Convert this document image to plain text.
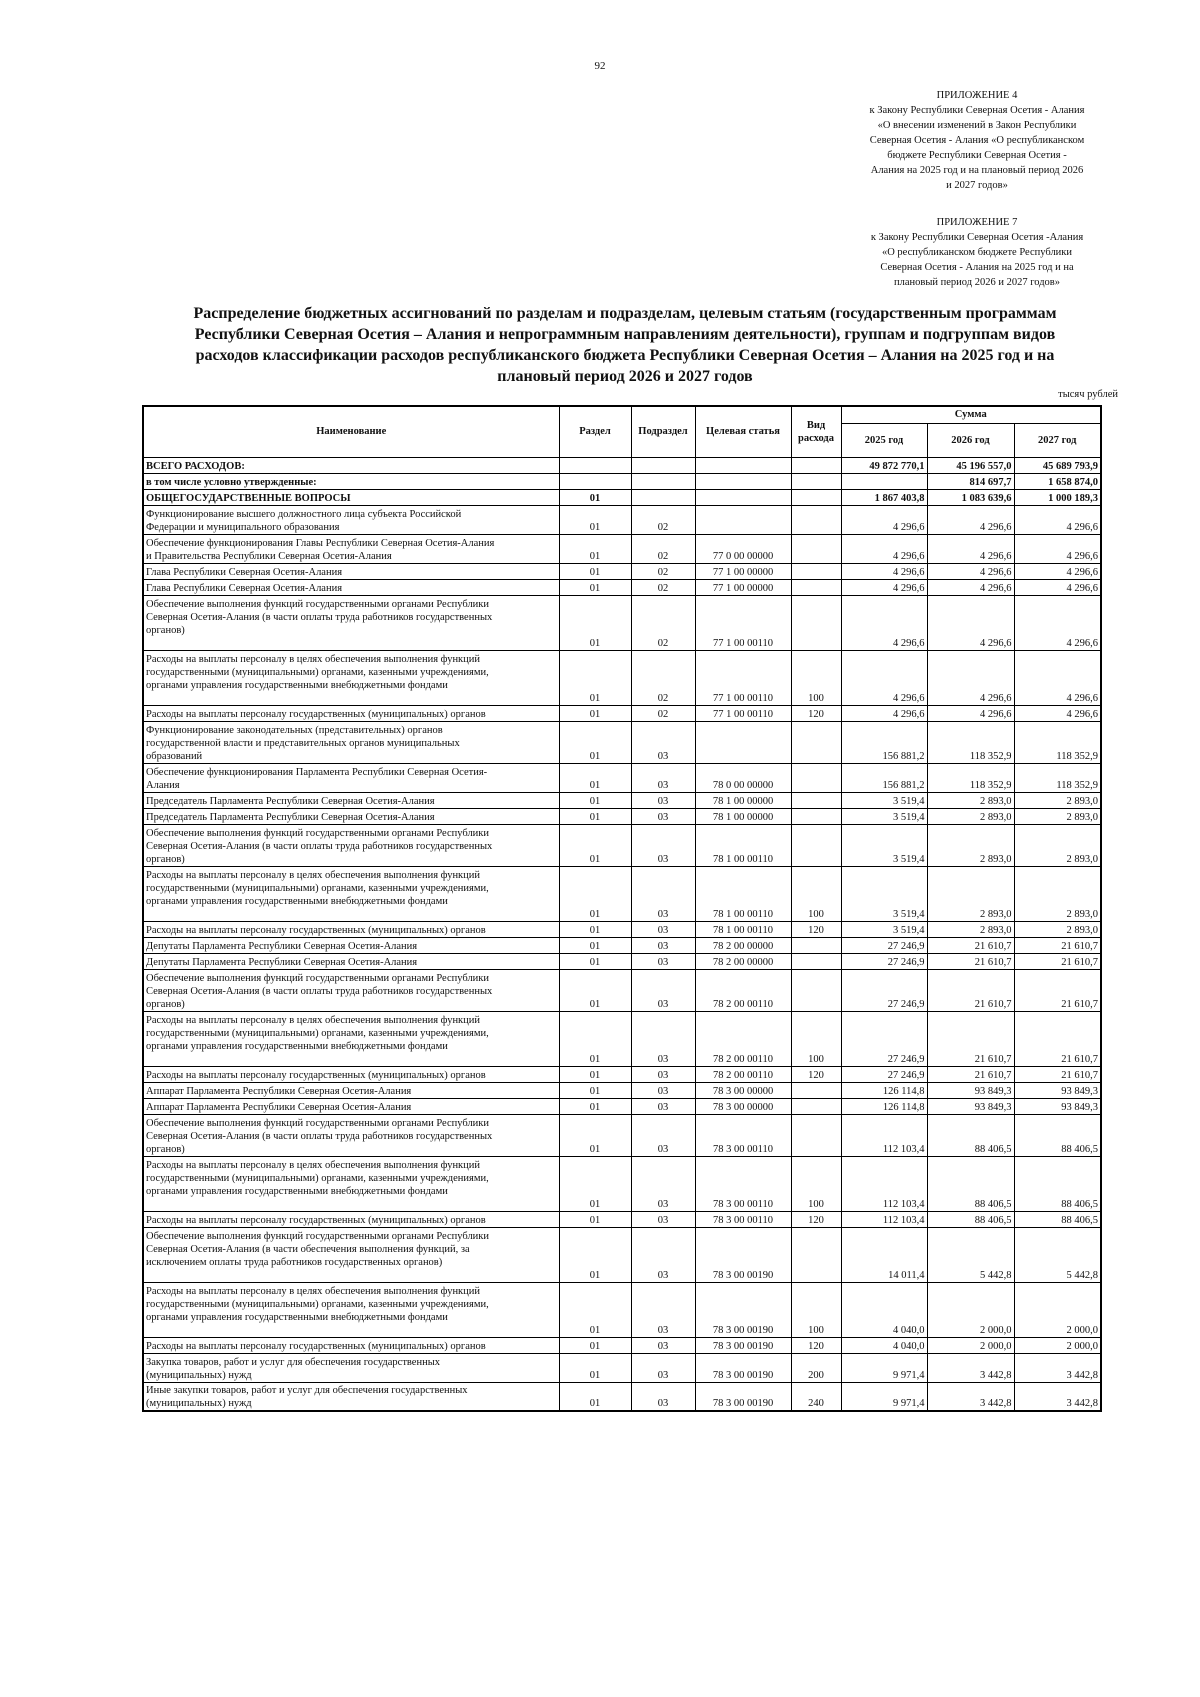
92
ПРИЛОЖЕНИЕ 4
к Закону Республики Северная Осетия - Алания
«О внесении изменений в Закон Республики
Северная Осетия - Алания «О республиканском
бюджете Республики Северная Осетия -
Алания на 2025 год и на плановый период 2026
и 2027 годов»
ПРИЛОЖЕНИЕ 7
к Закону Республики Северная Осетия -Алания
«О республиканском бюджете Республики
Северная Осетия - Алания на 2025 год и на
плановый период 2026 и 2027 годов»
Распределение бюджетных ассигнований по разделам и подразделам, целевым статьям (государственным программам
Республики Северная Осетия – Алания и непрограммным направлениям деятельности), группам и подгруппам видов
расходов классификации расходов республиканского бюджета Республики Северная Осетия – Алания на 2025 год и на
плановый период 2026 и 2027 годов
тысяч рублей
Наименование	Раздел	Подраздел	Целевая статья	Вид расхода	Сумма		
					2025 год	2026 год	2027 год

ВСЕГО РАСХОДОВ:					49 872 770,1	45 196 557,0	45 689 793,9

в том числе условно утвержденные:						814 697,7	1 658 874,0

ОБЩЕГОСУДАРСТВЕННЫЕ ВОПРОСЫ	01				1 867 403,8	1 083 639,6	1 000 189,3

Функционирование высшего должностного лица субъекта Российской
Федерации и муниципального образования	01	02			4 296,6	4 296,6	4 296,6

Обеспечение функционирования Главы Республики Северная Осетия-Алания
и Правительства Республики Северная Осетия-Алания	01	02	77 0 00 00000		4 296,6	4 296,6	4 296,6

Глава Республики Северная Осетия-Алания	01	02	77 1 00 00000		4 296,6	4 296,6	4 296,6

Глава Республики Северная Осетия-Алания	01	02	77 1 00 00000		4 296,6	4 296,6	4 296,6

Обеспечение выполнения функций государственными органами Республики
Северная Осетия-Алания (в части оплаты труда работников государственных
органов)	01	02	77 1 00 00110		4 296,6	4 296,6	4 296,6

Расходы на выплаты персоналу в целях обеспечения выполнения функций
государственными (муниципальными) органами, казенными учреждениями,
органами управления государственными внебюджетными фондами	01	02	77 1 00 00110	100	4 296,6	4 296,6	4 296,6

Расходы на выплаты персоналу государственных (муниципальных) органов	01	02	77 1 00 00110	120	4 296,6	4 296,6	4 296,6

Функционирование законодательных (представительных) органов
государственной власти и представительных органов муниципальных
образований	01	03			156 881,2	118 352,9	118 352,9

Обеспечение функционирования Парламента Республики Северная Осетия-
Алания	01	03	78 0 00 00000		156 881,2	118 352,9	118 352,9

Председатель Парламента Республики Северная Осетия-Алания	01	03	78 1 00 00000		3 519,4	2 893,0	2 893,0

Председатель Парламента Республики Северная Осетия-Алания	01	03	78 1 00 00000		3 519,4	2 893,0	2 893,0

Обеспечение выполнения функций государственными органами Республики
Северная Осетия-Алания (в части оплаты труда работников государственных
органов)	01	03	78 1 00 00110		3 519,4	2 893,0	2 893,0

Расходы на выплаты персоналу в целях обеспечения выполнения функций
государственными (муниципальными) органами, казенными учреждениями,
органами управления государственными внебюджетными фондами	01	03	78 1 00 00110	100	3 519,4	2 893,0	2 893,0

Расходы на выплаты персоналу государственных (муниципальных) органов	01	03	78 1 00 00110	120	3 519,4	2 893,0	2 893,0

Депутаты Парламента Республики Северная Осетия-Алания	01	03	78 2 00 00000		27 246,9	21 610,7	21 610,7

Депутаты Парламента Республики Северная Осетия-Алания	01	03	78 2 00 00000		27 246,9	21 610,7	21 610,7

Обеспечение выполнения функций государственными органами Республики
Северная Осетия-Алания (в части оплаты труда работников государственных
органов)	01	03	78 2 00 00110		27 246,9	21 610,7	21 610,7

Расходы на выплаты персоналу в целях обеспечения выполнения функций
государственными (муниципальными) органами, казенными учреждениями,
органами управления государственными внебюджетными фондами	01	03	78 2 00 00110	100	27 246,9	21 610,7	21 610,7

Расходы на выплаты персоналу государственных (муниципальных) органов	01	03	78 2 00 00110	120	27 246,9	21 610,7	21 610,7

Аппарат Парламента Республики Северная Осетия-Алания	01	03	78 3 00 00000		126 114,8	93 849,3	93 849,3

Аппарат Парламента Республики Северная Осетия-Алания	01	03	78 3 00 00000		126 114,8	93 849,3	93 849,3

Обеспечение выполнения функций государственными органами Республики
Северная Осетия-Алания (в части оплаты труда работников государственных
органов)	01	03	78 3 00 00110		112 103,4	88 406,5	88 406,5

Расходы на выплаты персоналу в целях обеспечения выполнения функций
государственными (муниципальными) органами, казенными учреждениями,
органами управления государственными внебюджетными фондами	01	03	78 3 00 00110	100	112 103,4	88 406,5	88 406,5

Расходы на выплаты персоналу государственных (муниципальных) органов	01	03	78 3 00 00110	120	112 103,4	88 406,5	88 406,5

Обеспечение выполнения функций государственными органами Республики
Северная Осетия-Алания (в части обеспечения выполнения функций, за
исключением оплаты труда работников государственных органов)	01	03	78 3 00 00190		14 011,4	5 442,8	5 442,8

Расходы на выплаты персоналу в целях обеспечения выполнения функций
государственными (муниципальными) органами, казенными учреждениями,
органами управления государственными внебюджетными фондами	01	03	78 3 00 00190	100	4 040,0	2 000,0	2 000,0

Расходы на выплаты персоналу государственных (муниципальных) органов	01	03	78 3 00 00190	120	4 040,0	2 000,0	2 000,0

Закупка товаров, работ и услуг для обеспечения государственных
(муниципальных) нужд	01	03	78 3 00 00190	200	9 971,4	3 442,8	3 442,8

Иные закупки товаров, работ и услуг для обеспечения государственных
(муниципальных) нужд	01	03	78 3 00 00190	240	9 971,4	3 442,8	3 442,8
